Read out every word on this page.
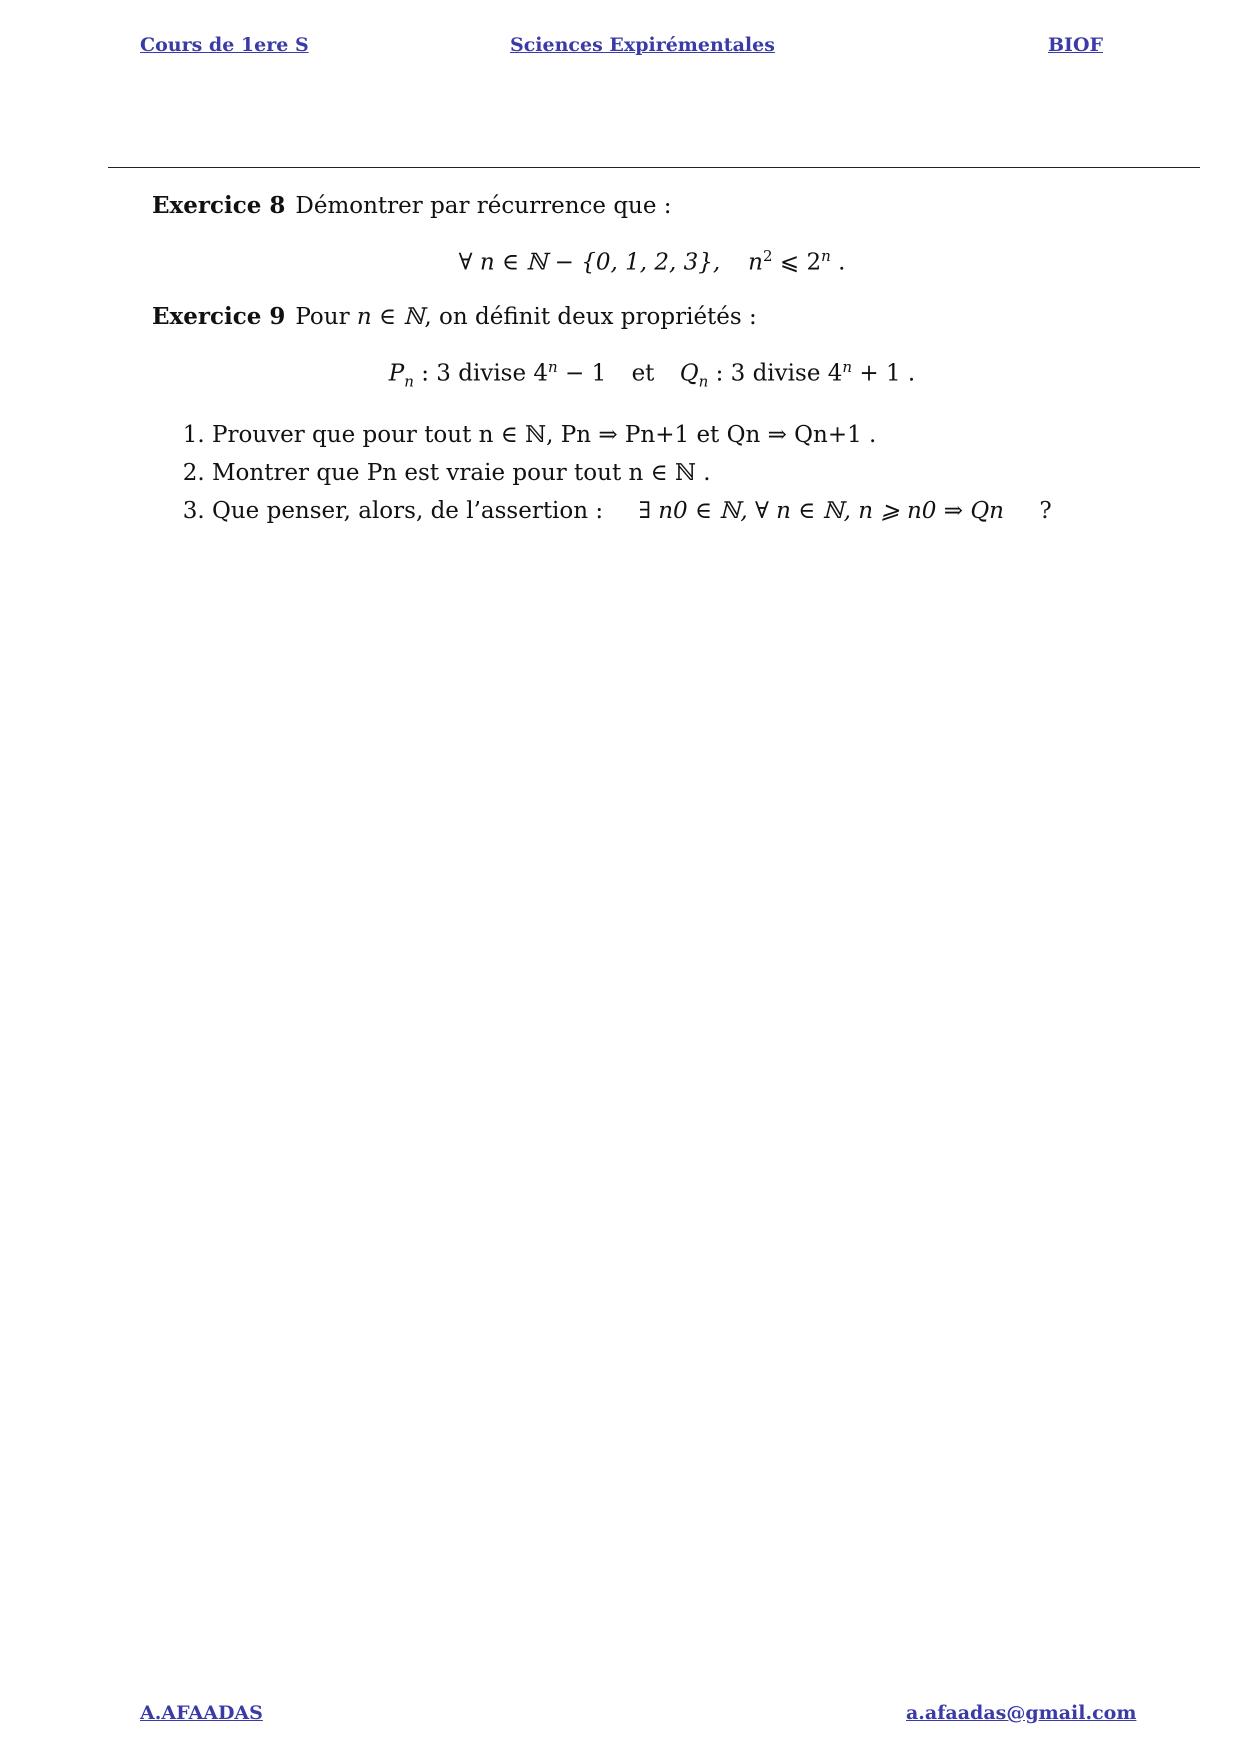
Cours de 1ere S	Sciences Expirémentales	BIOF

Exercice 8 Démontrer par récurrence que :

∀ n ∈ ℕ − {0, 1, 2, 3}, $n^2$ ⩽ 2$^n$ .

Exercice 9 Pour n ∈ ℕ, on définit deux propriétés :

$P_n$ : 3 divise $4^n - 1$ et $Q_n$ : 3 divise $4^n + 1$ .
1. Prouver que pour tout n ∈ ℕ, Pn ⇒ Pn+1 et Qn ⇒ Qn+1 .
2. Montrer que Pn est vraie pour tout n ∈ ℕ .
3. Que penser, alors, de l’assertion : ∃ n0 ∈ ℕ, ∀ n ∈ ℕ, n ⩾ n0 ⇒ Qn ?
A.AFAADAS	a.afaadas@gmail.com
